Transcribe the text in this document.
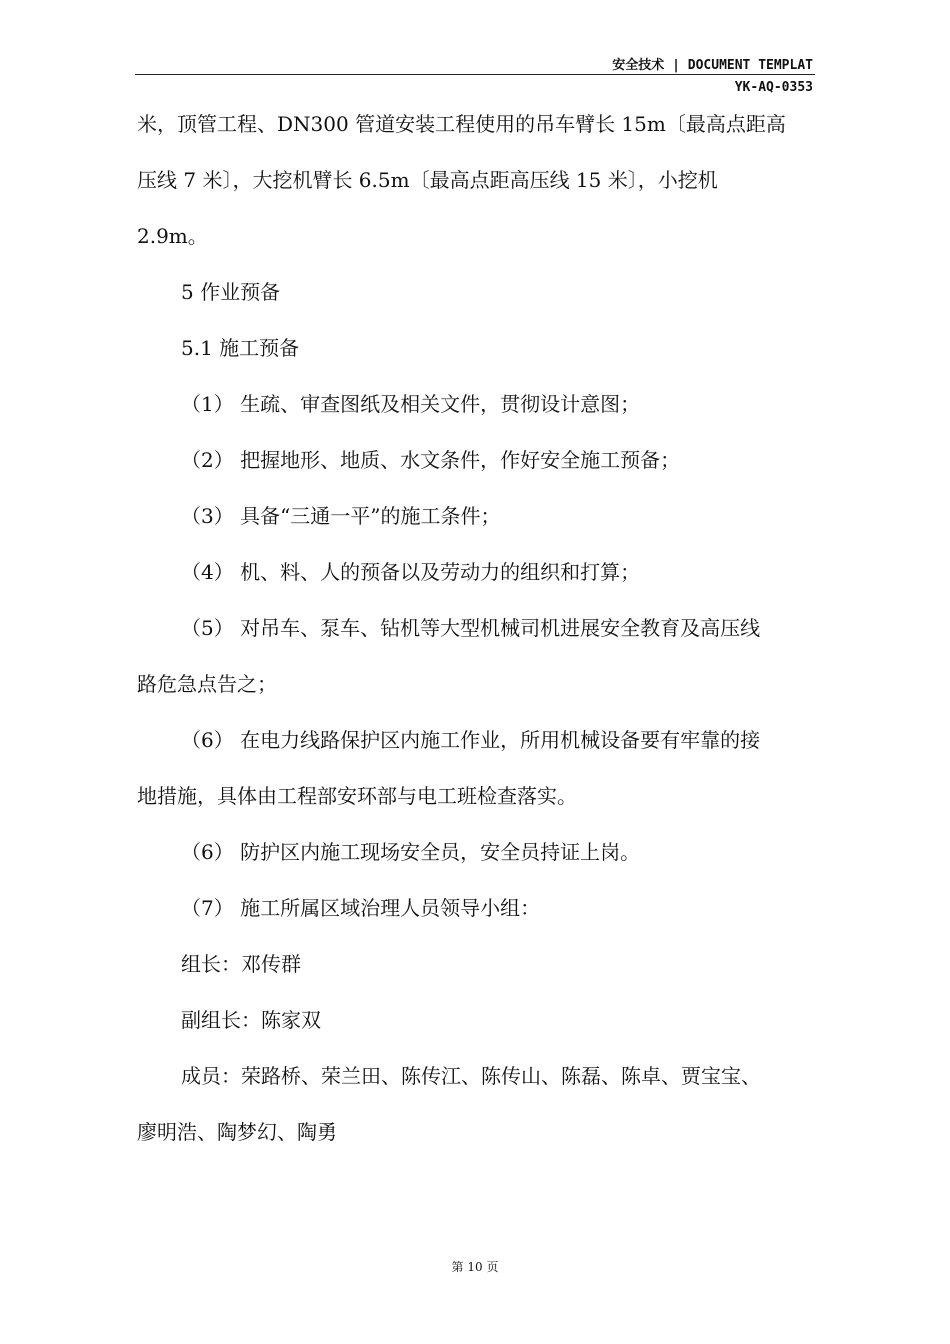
安全技术 | DOCUMENT TEMPLAT
YK-AQ-0353
米，顶管工程、DN300 管道安装工程使用的吊车臂长 15m〔最高点距高
压线 7 米〕，大挖机臂长 6.5m〔最高点距高压线 15 米〕，小挖机
2.9m。
5 作业预备
5.1 施工预备
（1） 生疏、审查图纸及相关文件，贯彻设计意图；
（2） 把握地形、地质、水文条件，作好安全施工预备；
（3） 具备“三通一平”的施工条件；
（4） 机、料、人的预备以及劳动力的组织和打算；
（5） 对吊车、泵车、钻机等大型机械司机进展安全教育及高压线
路危急点告之；
（6） 在电力线路保护区内施工作业，所用机械设备要有牢靠的接
地措施，具体由工程部安环部与电工班检查落实。
（6） 防护区内施工现场安全员，安全员持证上岗。
（7） 施工所属区域治理人员领导小组：
组长：邓传群
副组长：陈家双
成员：荣路桥、荣兰田、陈传江、陈传山、陈磊、陈卓、贾宝宝、
廖明浩、陶梦幻、陶勇
第 10 页
